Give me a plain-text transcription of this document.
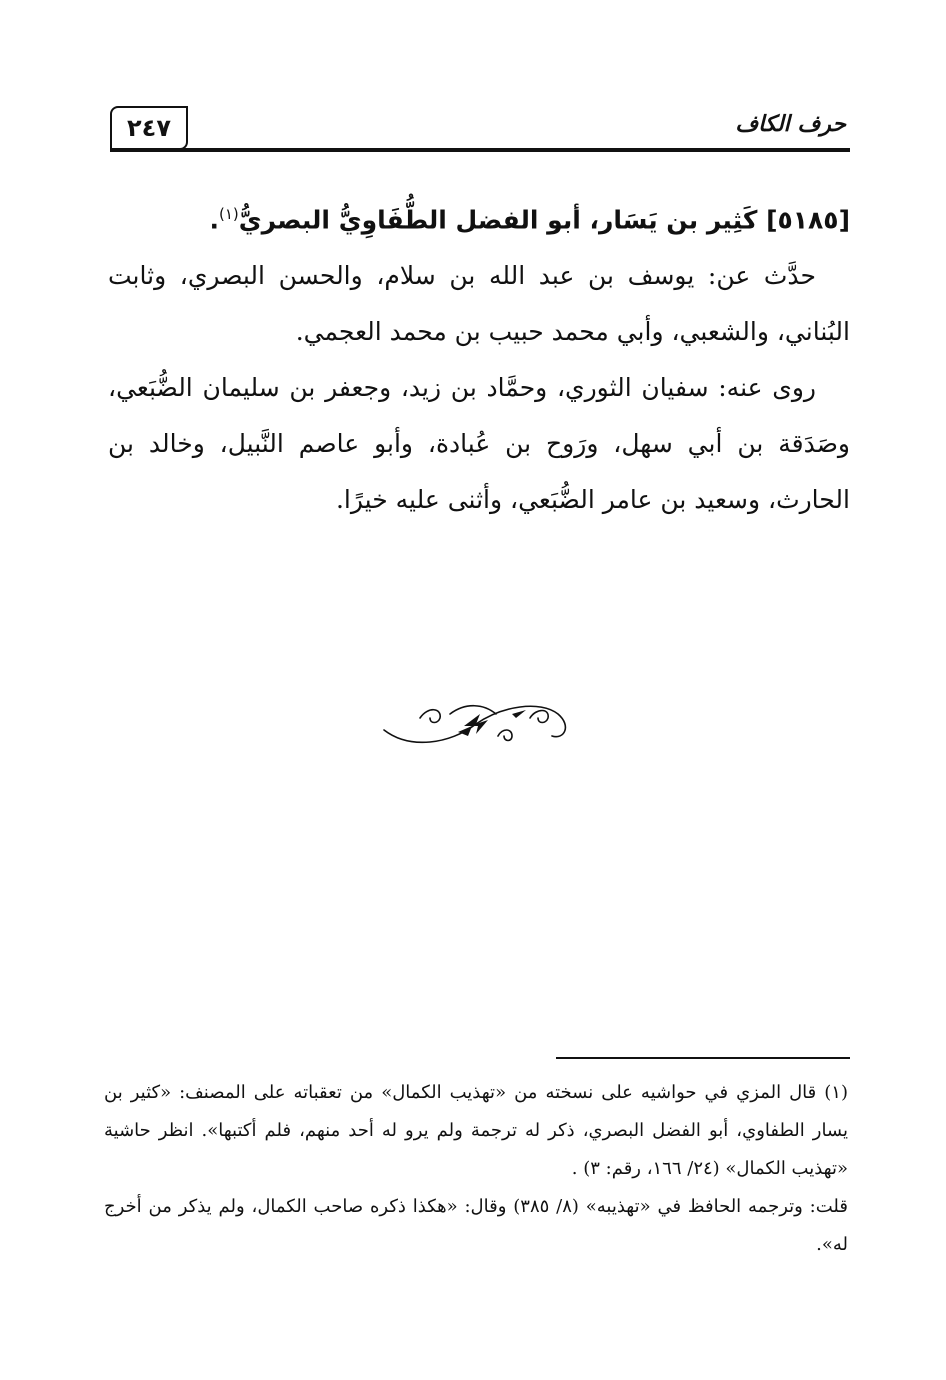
٢٤٧	حرف الكاف

[٥١٨٥] كَثِير بن يَسَار، أبو الفضل الطُّفَاوِيُّ البصريُّ$^{(١)}$.

حدَّث عن: يوسف بن عبد الله بن سلام، والحسن البصري، وثابت البُناني، والشعبي، وأبي محمد حبيب بن محمد العجمي.

روى عنه: سفيان الثوري، وحمَّاد بن زيد، وجعفر بن سليمان الضُّبَعي، وصَدَقة بن أبي سهل، ورَوح بن عُبادة، وأبو عاصم النَّبيل، وخالد بن الحارث، وسعيد بن عامر الضُّبَعي، وأثنى عليه خيرًا.

(١) قال المزي في حواشيه على نسخته من «تهذيب الكمال» من تعقباته على المصنف: «كثير بن يسار الطفاوي، أبو الفضل البصري، ذكر له ترجمة ولم يرو له أحد منهم، فلم أكتبها». انظر حاشية «تهذيب الكمال» (٢٤/ ١٦٦، رقم: ٣) .

قلت: وترجمه الحافظ في «تهذيبه» (٨/ ٣٨٥) وقال: «هكذا ذكره صاحب الكمال، ولم يذكر من أخرج له».
